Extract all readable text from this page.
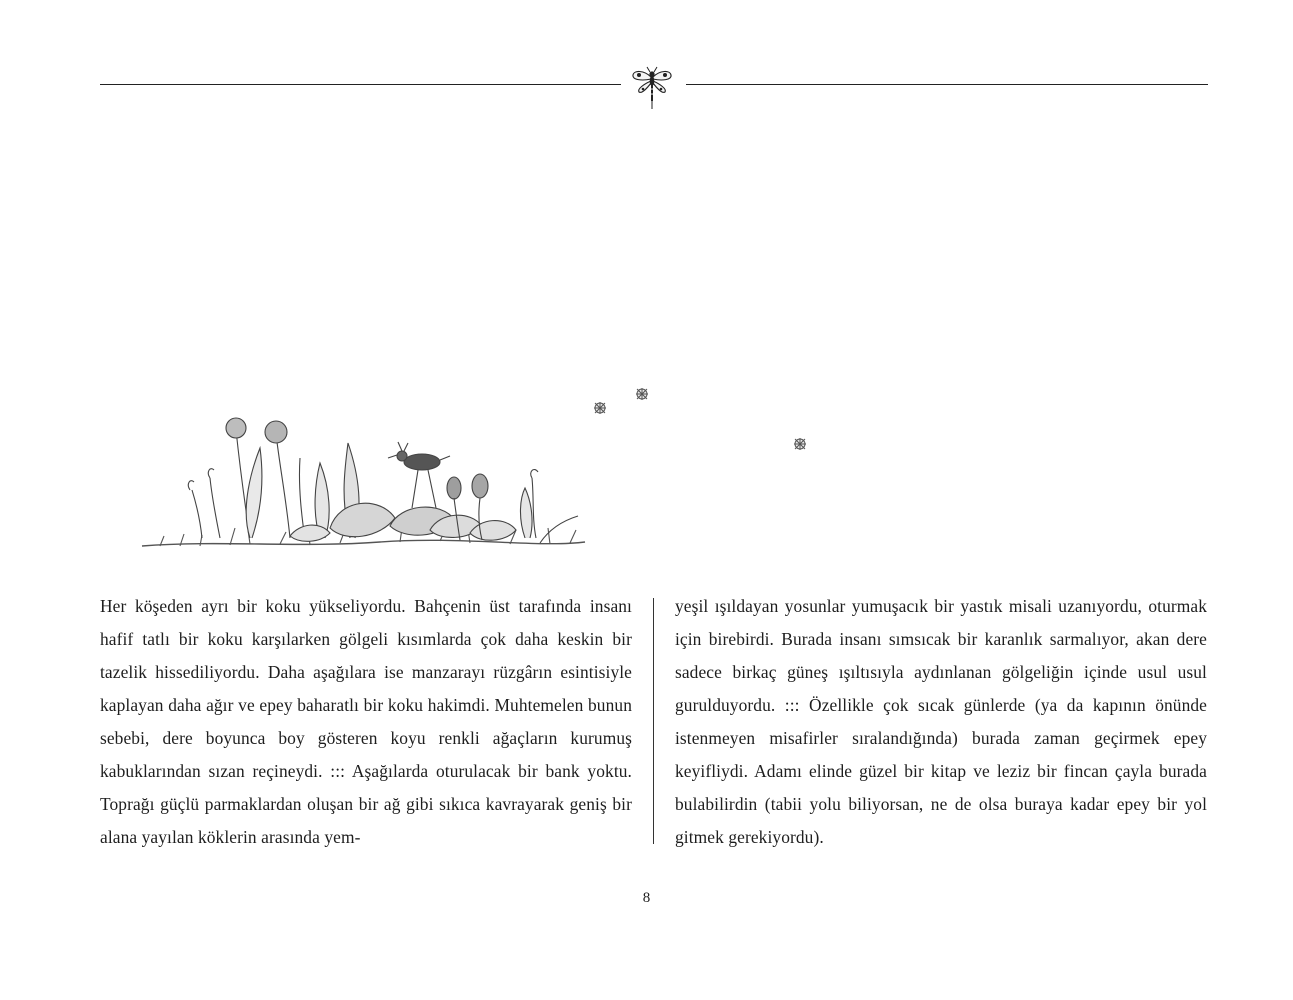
Her köşeden ayrı bir koku yükseliyordu. Bahçenin üst tarafında insanı hafif tatlı bir koku karşılarken gölgeli kısımlarda çok daha keskin bir tazelik hissediliyordu. Daha aşağılara ise manzarayı rüzgârın esintisiyle kaplayan daha ağır ve epey baharatlı bir koku hakimdi. Muhtemelen bunun sebebi, dere boyunca boy gösteren koyu renkli ağaçların kurumuş kabuklarından sızan reçineydi. ::: Aşağılarda oturulacak bir bank yoktu. Toprağı güçlü parmaklardan oluşan bir ağ gibi sıkıca kavrayarak geniş bir alana yayılan köklerin arasında yem-

yeşil ışıldayan yosunlar yumuşacık bir yastık misali uzanıyordu, oturmak için birebirdi. Burada insanı sımsıcak bir karanlık sarmalıyor, akan dere sadece birkaç güneş ışıltısıyla aydınlanan gölgeliğin içinde usul usul gurulduyordu. ::: Özellikle çok sıcak günlerde (ya da kapının önünde istenmeyen misafirler sıralandığında) burada zaman geçirmek epey keyifliydi. Adamı elinde güzel bir kitap ve leziz bir fincan çayla burada bulabilirdin (tabii yolu biliyorsan, ne de olsa buraya kadar epey bir yol gitmek gerekiyordu).

8
